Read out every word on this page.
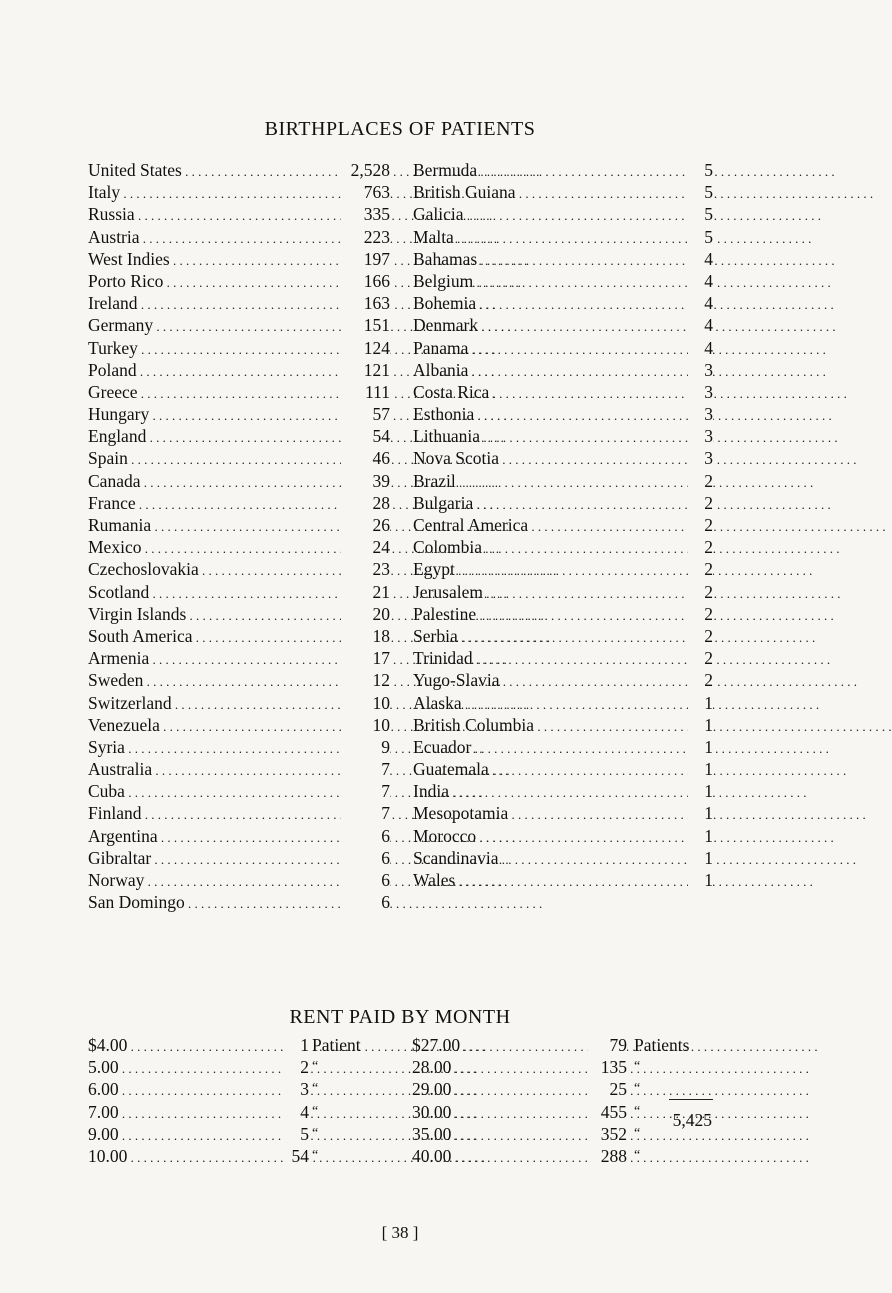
BIRTHPLACES OF PATIENTS
United States . . .	2,528
Italy . . .	763
Russia . . .	335
Austria . . .	223
West Indies . . .	197
Porto Rico . . .	166
Ireland . . .	163
Germany . . .	151
Turkey . . .	124
Poland . . .	121
Greece . . .	111
Hungary . . .	57
England . . .	54
Spain . . .	46
Canada . . .	39
France . . .	28
Rumania . . .	26
Mexico . . .	24
Czechoslovakia . . .	23
Scotland . . .	21
Virgin Islands . . .	20
South America . . .	18
Armenia . . .	17
Sweden . . .	12
Switzerland . . .	10
Venezuela . . .	10
Syria . . .	9
Australia . . .	7
Cuba . . .	7
Finland . . .	7
Argentina . . .	6
Gibraltar . . .	6
Norway . . .	6
San Domingo . . .	6
Bermuda . . .	5
British Guiana . . .	5
Galicia . . .	5
Malta . . .	5
Bahamas . . .	4
Belgium . . .	4
Bohemia . . .	4
Denmark . . .	4
Panama . . .	4
Albania . . .	3
Costa Rica . . .	3
Esthonia . . .	3
Lithuania . . .	3
Nova Scotia . . .	3
Brazil . . .	2
Bulgaria . . .	2
Central America . . .	2
Colombia . . .	2
Egypt . . .	2
Jerusalem . . .	2
Palestine . . .	2
Serbia . . .	2
Trinidad . . .	2
Yugo-Slavia . . .	2
Alaska . . .	1
British Columbia . . .	1
Ecuador . . .	1
Guatemala . . .	1
India . . .	1
Mesopotamia . . .	1
Morocco . . .	1
Scandinavia . . .	1
Wales . . .	1
5,425
RENT PAID BY MONTH
$4.00 . . .	1 Patient
5.00 . . .	2 “
6.00 . . .	3 “
7.00 . . .	4 “
9.00 . . .	5 “
10.00 . . .	54 “
$27.00 . . .	79 Patients
28.00 . . .	135 “
29.00 . . .	25 “
30.00 . . .	455 “
35.00 . . .	352 “
40.00 . . .	288 “
[ 38 ]
